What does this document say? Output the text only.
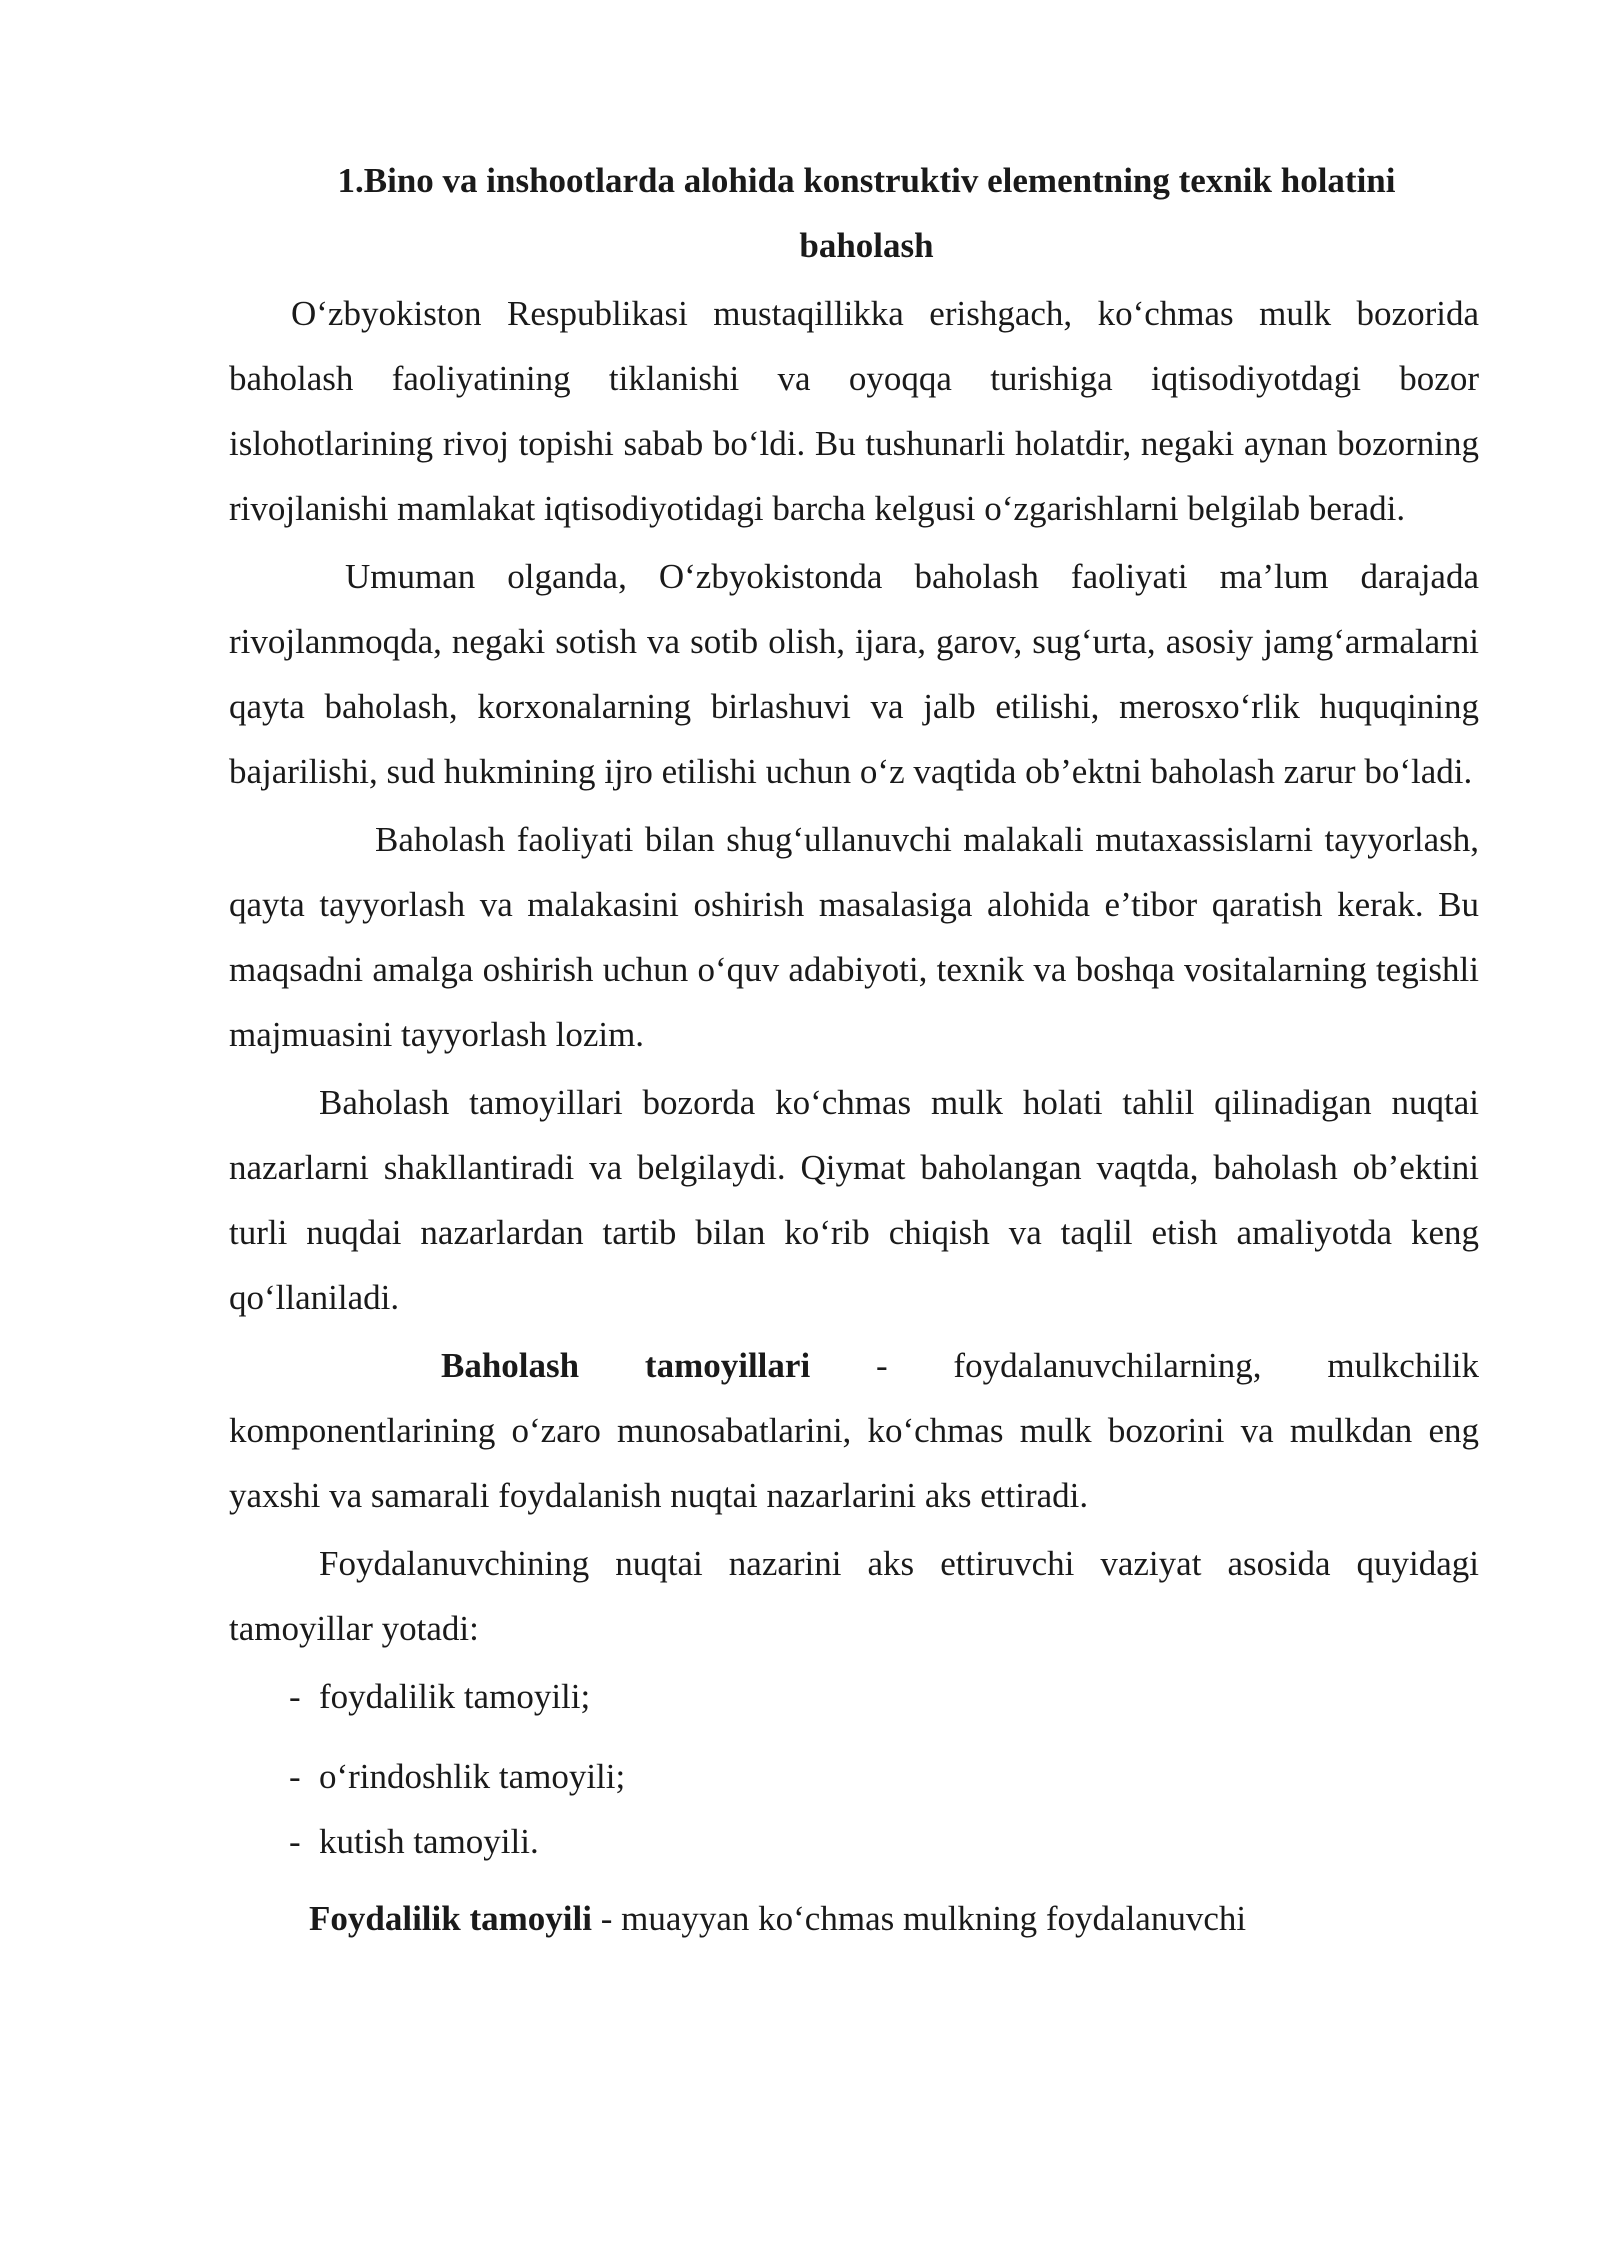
1.Bino va inshootlarda alohida konstruktiv elementning texnik holatini
baholash

O‘zbyokiston Respublikasi mustaqillikka erishgach, ko‘chmas mulk bozorida baholash faoliyatining tiklanishi va oyoqqa turishiga iqtisodiyotdagi bozor islohotlarining rivoj topishi sabab bo‘ldi. Bu tushunarli holatdir, negaki aynan bozorning rivojlanishi mamlakat iqtisodiyotidagi barcha kelgusi o‘zgarishlarni belgilab beradi.

Umuman olganda, O‘zbyokistonda baholash faoliyati ma’lum darajada rivojlanmoqda, negaki sotish va sotib olish, ijara, garov, sug‘urta, asosiy jamg‘armalarni qayta baholash, korxonalarning birlashuvi va jalb etilishi, merosxo‘rlik huquqining bajarilishi, sud hukmining ijro etilishi uchun o‘z vaqtida ob’ektni baholash zarur bo‘ladi.

Baholash faoliyati bilan shug‘ullanuvchi malakali mutaxassislarni tayyorlash, qayta tayyorlash va malakasini oshirish masalasiga alohida e’tibor qaratish kerak. Bu maqsadni amalga oshirish uchun o‘quv adabiyoti, texnik va boshqa vositalarning tegishli majmuasini tayyorlash lozim.

Baholash tamoyillari bozorda ko‘chmas mulk holati tahlil qilinadigan nuqtai nazarlarni shakllantiradi va belgilaydi. Qiymat baholangan vaqtda, baholash ob’ektini turli nuqdai nazarlardan tartib bilan ko‘rib chiqish va taqlil etish amaliyotda keng qo‘llaniladi.

Baholash tamoyillari - foydalanuvchilarning, mulkchilik komponentlarining o‘zaro munosabatlarini, ko‘chmas mulk bozorini va mulkdan eng yaxshi va samarali foydalanish nuqtai nazarlarini aks ettiradi.

Foydalanuvchining nuqtai nazarini aks ettiruvchi vaziyat asosida quyidagi tamoyillar yotadi:

- foydalilik tamoyili;
- o‘rindoshlik tamoyili;
- kutish tamoyili.

Foydalilik tamoyili - muayyan ko‘chmas mulkning foydalanuvchi
